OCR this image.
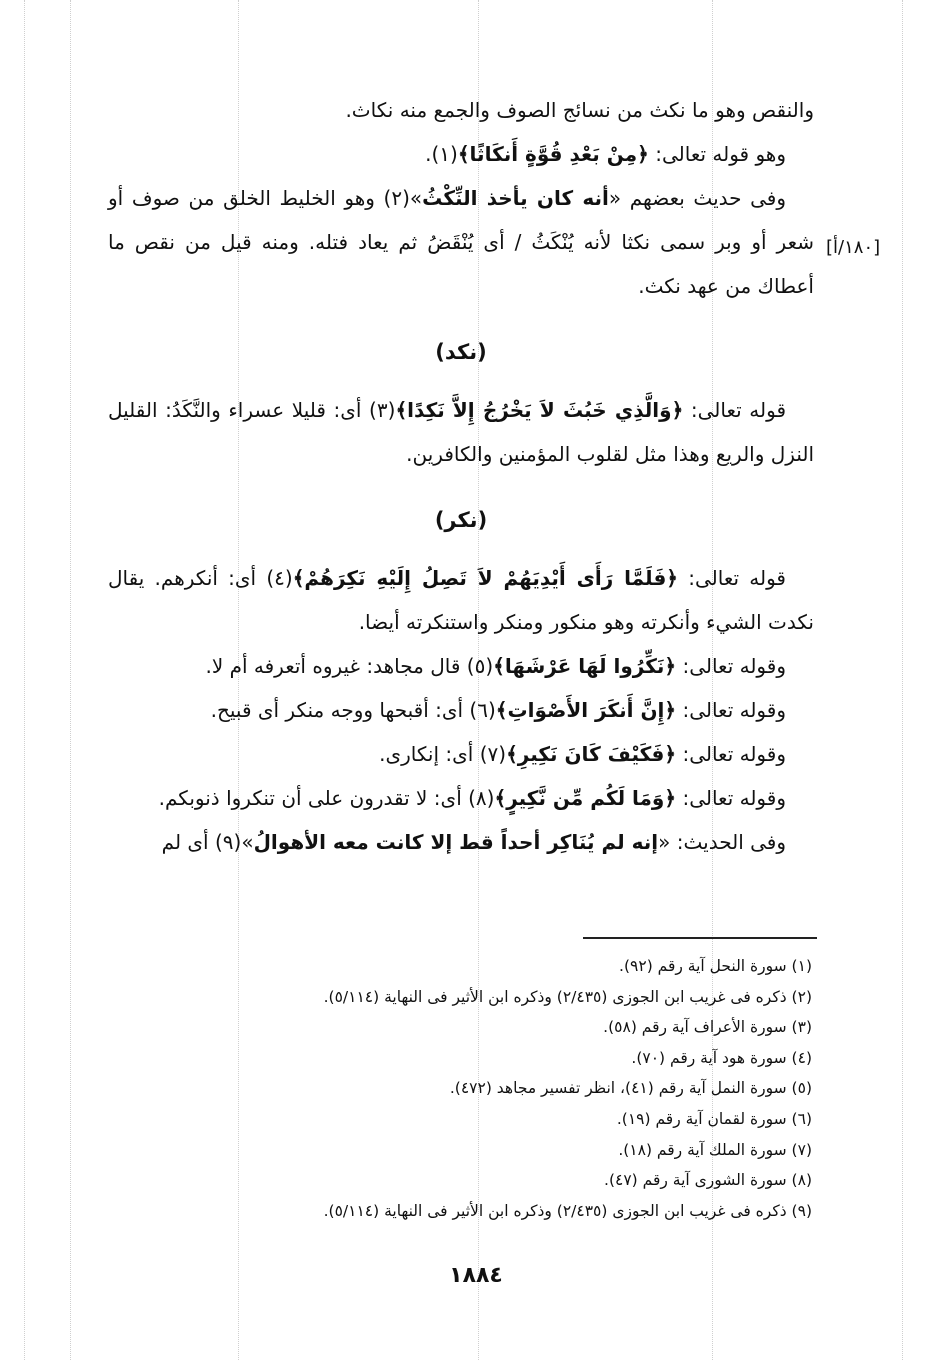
[١٨٠/أ]

والنقص وهو ما نكث من نسائج الصوف والجمع منه نكاث.

وهو قوله تعالى: ﴿مِنْ بَعْدِ قُوَّةٍ أَنكَاثًا﴾(١).

وفى حديث بعضهم «أنه كان يأخذ النِّكْثُ»(٢) وهو الخليط الخلق من صوف أو شعر أو وبر سمى نكثا لأنه يُنْكَثُ / أى يُنْقَضُ ثم يعاد فتله. ومنه قيل من نقص ما أعطاك من عهد نكث.

(نكد)

قوله تعالى: ﴿وَالَّذِي خَبُثَ لاَ يَخْرُجُ إِلاَّ نَكِدًا﴾(٣) أى: قليلا عسراء والنَّكَدُ: القليل النزل والريع وهذا مثل لقلوب المؤمنين والكافرين.

(نكر)

قوله تعالى: ﴿فَلَمَّا رَأَى أَيْدِيَهُمْ لاَ تَصِلُ إِلَيْهِ نَكِرَهُمْ﴾(٤) أى: أنكرهم. يقال نكدت الشيء وأنكرته وهو منكور ومنكر واستنكرته أيضا.

وقوله تعالى: ﴿نَكِّرُوا لَهَا عَرْشَهَا﴾(٥) قال مجاهد: غيروه أتعرفه أم لا.

وقوله تعالى: ﴿إِنَّ أَنكَرَ الأَصْوَاتِ﴾(٦) أى: أقبحها ووجه منكر أى قبيح.

وقوله تعالى: ﴿فَكَيْفَ كَانَ نَكِيرِ﴾(٧) أى: إنكارى.

وقوله تعالى: ﴿وَمَا لَكُم مِّن نَّكِيرٍ﴾(٨) أى: لا تقدرون على أن تنكروا ذنوبكم.

وفى الحديث: «إنه لم يُنَاكِر أحداً قط إلا كانت معه الأهوالُ»(٩) أى لم

(١) سورة النحل آية رقم (٩٢).
(٢) ذكره فى غريب ابن الجوزى (٢/٤٣٥) وذكره ابن الأثير فى النهاية (٥/١١٤).
(٣) سورة الأعراف آية رقم (٥٨).
(٤) سورة هود آية رقم (٧٠).
(٥) سورة النمل آية رقم (٤١)، انظر تفسير مجاهد (٤٧٢).
(٦) سورة لقمان آية رقم (١٩).
(٧) سورة الملك آية رقم (١٨).
(٨) سورة الشورى آية رقم (٤٧).
(٩) ذكره فى غريب ابن الجوزى (٢/٤٣٥) وذكره ابن الأثير فى النهاية (٥/١١٤).
١٨٨٤
